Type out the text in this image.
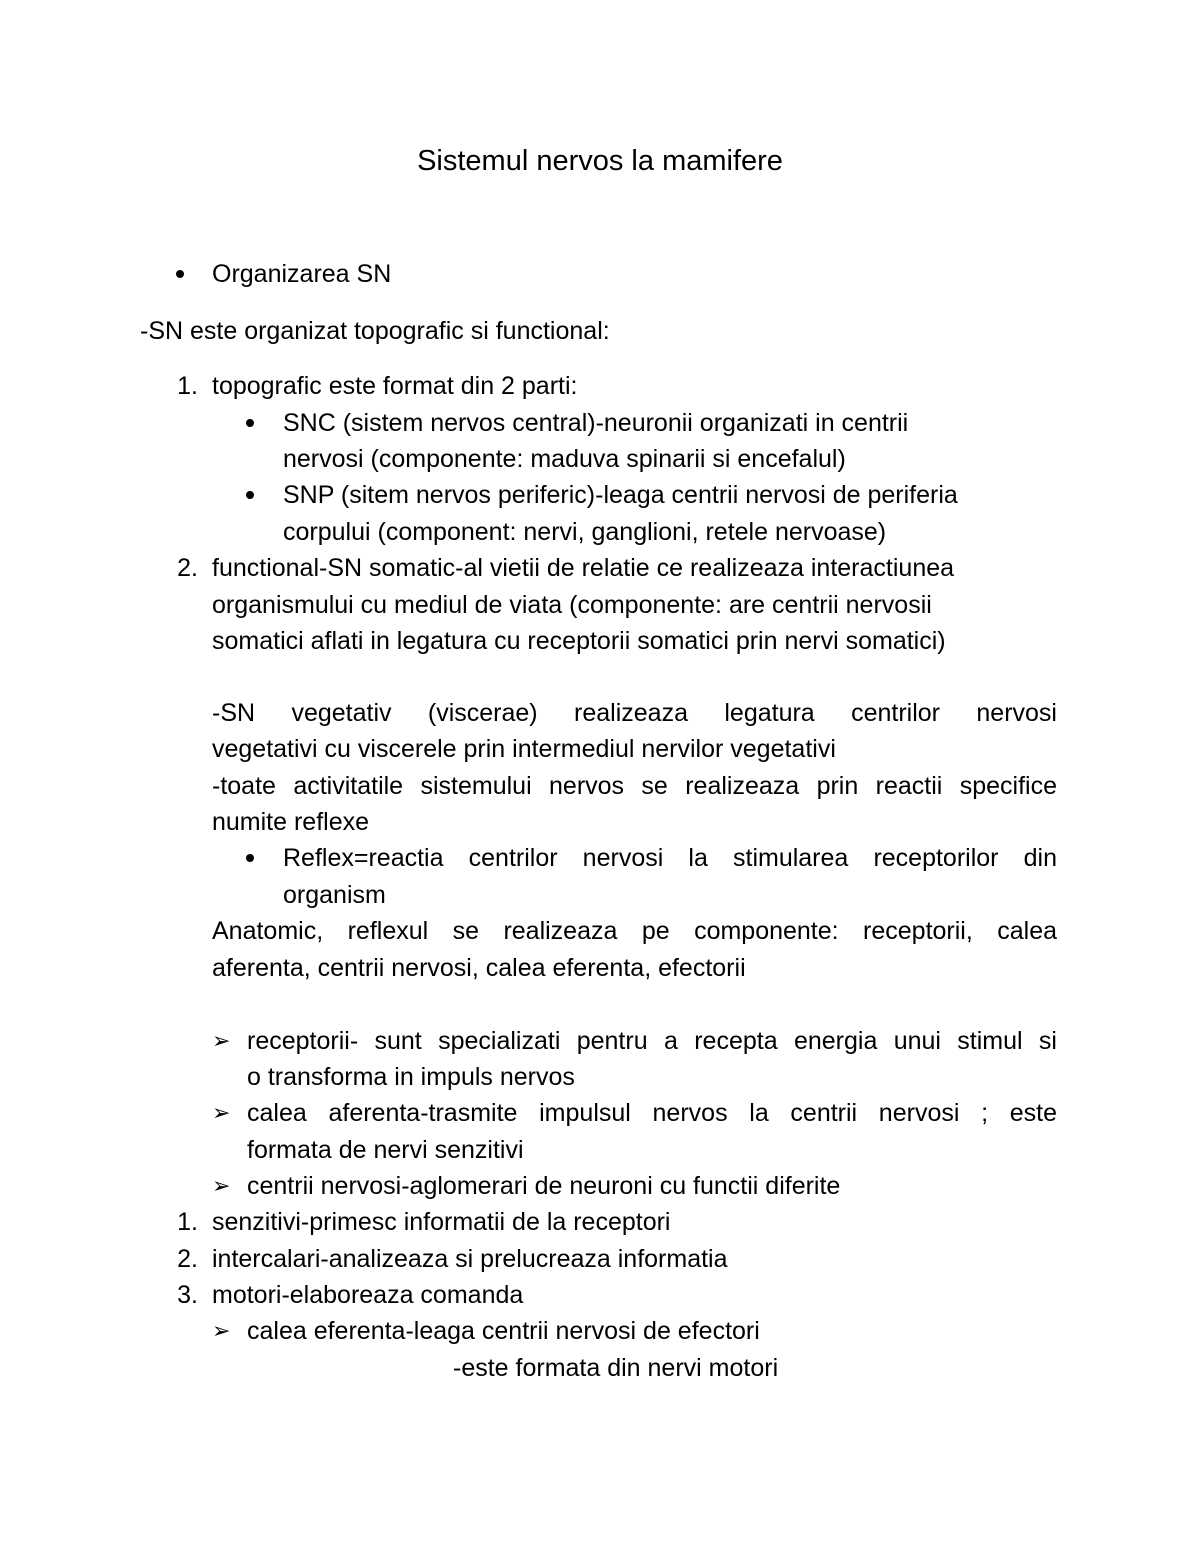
Sistemul nervos la mamifere
Organizarea SN
-SN este organizat topografic si functional:
1. topografic este format din 2 parti:
SNC (sistem nervos central)-neuronii organizati in centrii
nervosi (componente: maduva spinarii si encefalul)
SNP (sitem nervos periferic)-leaga centrii nervosi de periferia
corpului (component: nervi, ganglioni, retele nervoase)
2. functional-SN somatic-al vietii de relatie ce realizeaza interactiunea
organismului cu mediul de viata (componente: are centrii nervosii
somatici aflati in legatura cu receptorii somatici prin nervi somatici)
-SN vegetativ (viscerae) realizeaza legatura centrilor nervosi
vegetativi cu viscerele prin intermediul nervilor vegetativi
-toate activitatile sistemului nervos se realizeaza prin reactii specifice
numite reflexe
Reflex=reactia centrilor nervosi la stimularea receptorilor din
organism
Anatomic, reflexul se realizeaza pe componente: receptorii, calea
aferenta, centrii nervosi, calea eferenta, efectorii
➢ receptorii- sunt specializati pentru a recepta energia unui stimul si
o transforma in impuls nervos
➢ calea aferenta-trasmite impulsul nervos la centrii nervosi ; este
formata de nervi senzitivi
➢ centrii nervosi-aglomerari de neuroni cu functii diferite
1. senzitivi-primesc informatii de la receptori
2. intercalari-analizeaza si prelucreaza informatia
3. motori-elaboreaza comanda
➢ calea eferenta-leaga centrii nervosi de efectori
-este formata din nervi motori
